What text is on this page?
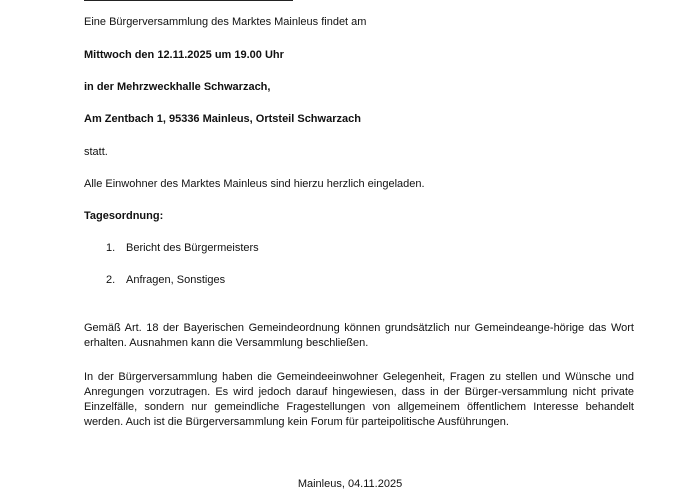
Eine Bürgerversammlung des Marktes Mainleus findet am
Mittwoch den 12.11.2025 um 19.00 Uhr
in der Mehrzweckhalle Schwarzach,
Am Zentbach 1, 95336 Mainleus, Ortsteil Schwarzach
statt.
Alle Einwohner des Marktes Mainleus sind hierzu herzlich eingeladen.
Tagesordnung:
1. Bericht des Bürgermeisters
2. Anfragen, Sonstiges
Gemäß Art. 18 der Bayerischen Gemeindeordnung können grundsätzlich nur Gemeindeange-hörige das Wort erhalten. Ausnahmen kann die Versammlung beschließen.
In der Bürgerversammlung haben die Gemeindeeinwohner Gelegenheit, Fragen zu stellen und Wünsche und Anregungen vorzutragen. Es wird jedoch darauf hingewiesen, dass in der Bürger-versammlung nicht private Einzelfälle, sondern nur gemeindliche Fragestellungen von allgemeinem öffentlichem Interesse behandelt werden. Auch ist die Bürgerversammlung kein Forum für parteipolitische Ausführungen.
Mainleus, 04.11.2025
